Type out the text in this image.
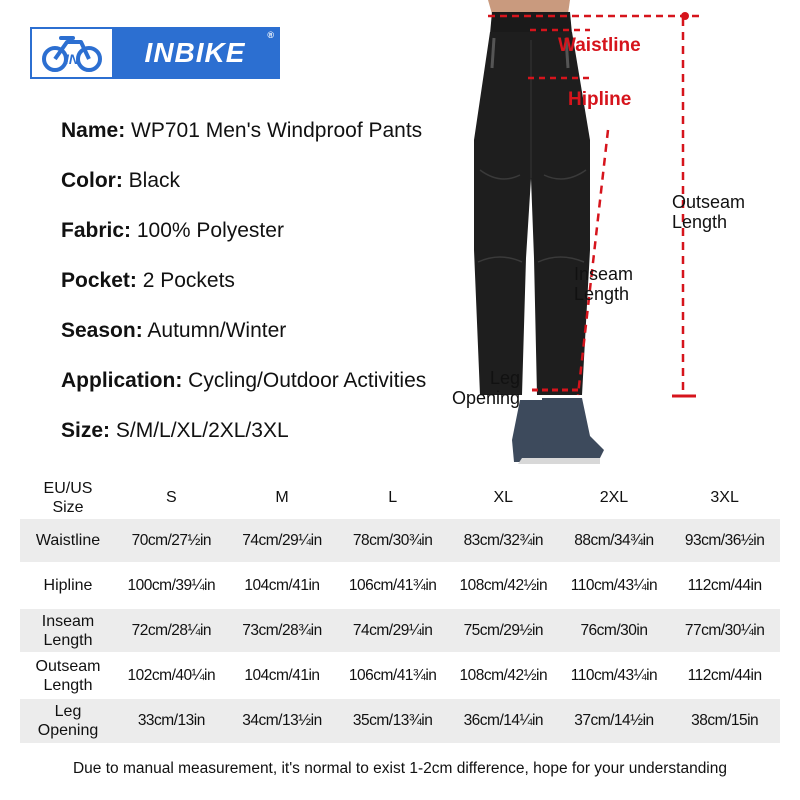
IN INBIKE
®
Name: WP701 Men's Windproof Pants
Color: Black
Fabric: 100% Polyester
Pocket: 2 Pockets
Season: Autumn/Winter
Application: Cycling/Outdoor Activities
Size: S/M/L/XL/2XL/3XL
Waistline
Hipline
Outseam
Length
Inseam
Length
Leg
Opening
EU/US
Size	S	M	L	XL	2XL	3XL

Waistline	70cm/27½in	74cm/29¼in	78cm/30¾in	83cm/32¾in	88cm/34¾in	93cm/36½in

Hipline	100cm/39¼in	104cm/41in	106cm/41¾in	108cm/42½in	110cm/43¼in	112cm/44in

Inseam
Length	72cm/28¼in	73cm/28¾in	74cm/29¼in	75cm/29½in	76cm/30in	77cm/30¼in

Outseam
Length	102cm/40¼in	104cm/41in	106cm/41¾in	108cm/42½in	110cm/43¼in	112cm/44in

Leg
Opening	33cm/13in	34cm/13½in	35cm/13¾in	36cm/14¼in	37cm/14½in	38cm/15in
Due to manual measurement, it's normal to exist 1-2cm difference, hope for your understanding
